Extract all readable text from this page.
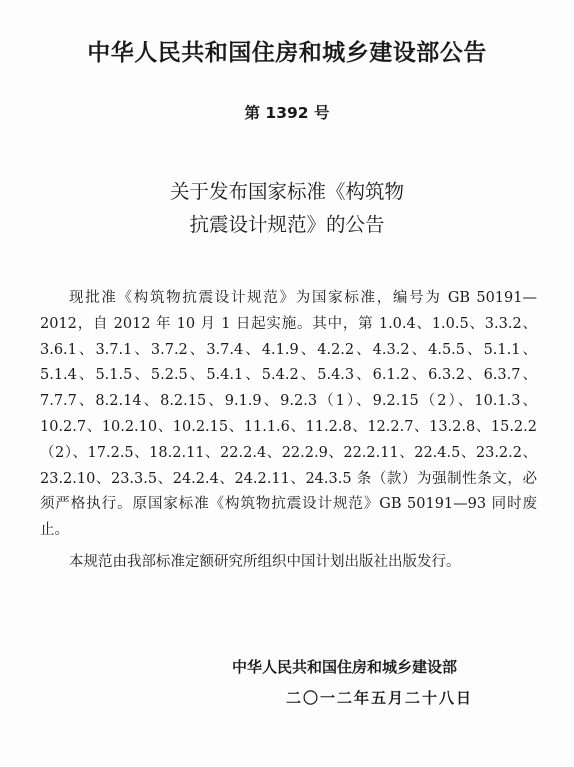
中华人民共和国住房和城乡建设部公告
第 1392 号
关于发布国家标准《构筑物
抗震设计规范》的公告

现批准《构筑物抗震设计规范》为国家标准，编号为 GB 50191—2012，自 2012 年 10 月 1 日起实施。其中，第 1.0.4、1.0.5、3.3.2、3.6.1、3.7.1、3.7.2、3.7.4、4.1.9、4.2.2、4.3.2、4.5.5、5.1.1、5.1.4、5.1.5、5.2.5、5.4.1、5.4.2、5.4.3、6.1.2、6.3.2、6.3.7、7.7.7、8.2.14、8.2.15、9.1.9、9.2.3（1）、9.2.15（2）、10.1.3、10.2.7、10.2.10、10.2.15、11.1.6、11.2.8、12.2.7、13.2.8、15.2.2（2）、17.2.5、18.2.11、22.2.4、22.2.9、22.2.11、22.4.5、23.2.2、23.2.10、23.3.5、24.2.4、24.2.11、24.3.5 条（款）为强制性条文，必须严格执行。原国家标准《构筑物抗震设计规范》GB 50191—93 同时废止。

本规范由我部标准定额研究所组织中国计划出版社出版发行。

中华人民共和国住房和城乡建设部
二〇一二年五月二十八日
